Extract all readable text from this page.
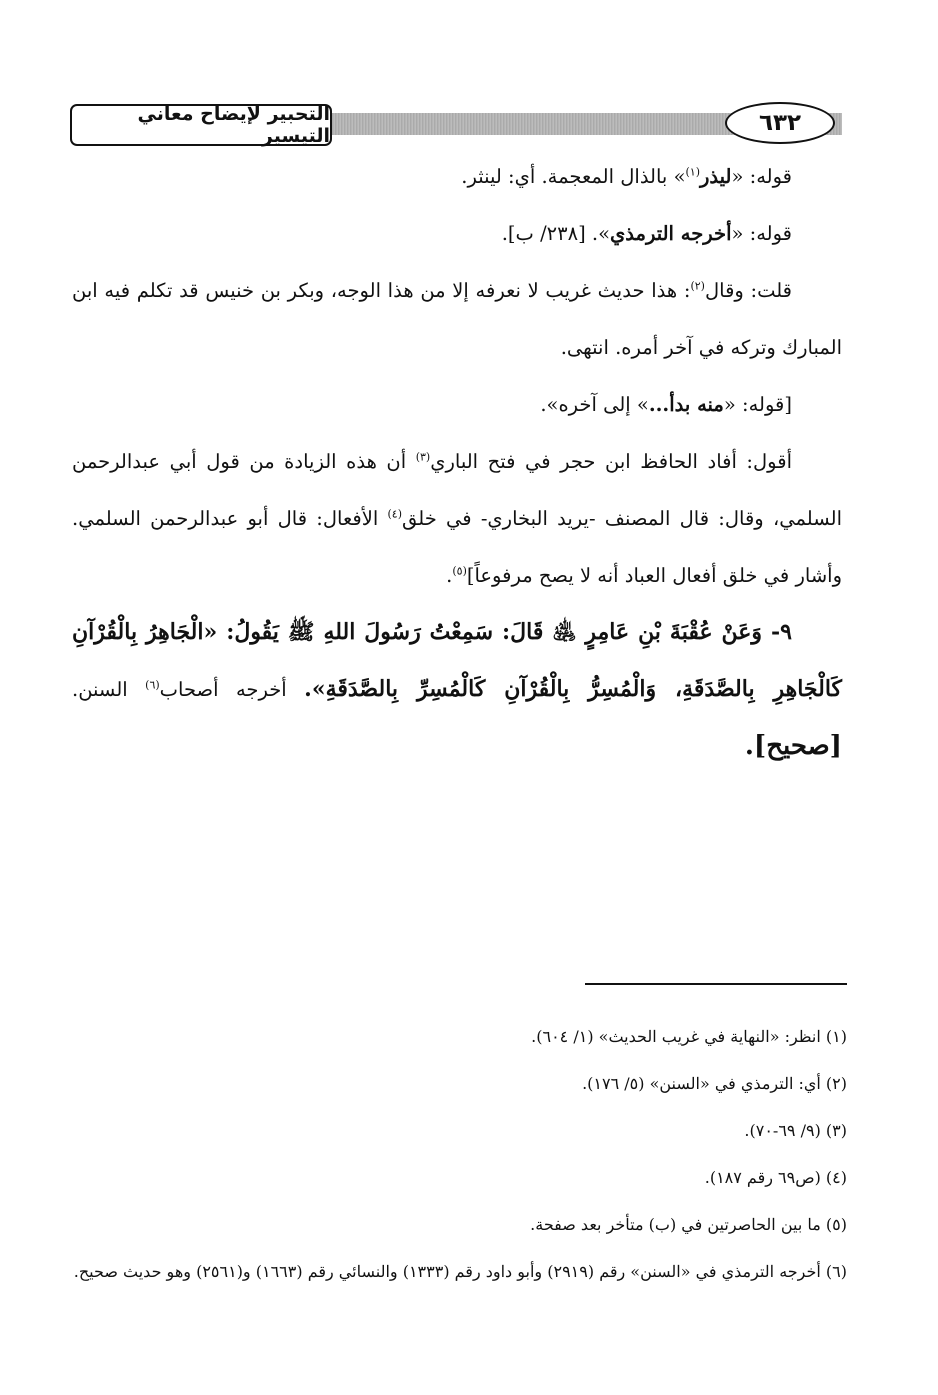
التحبير لإيضاح معاني التيسير	٦٣٢

قوله: «ليذر$^{(١)}$» بالذال المعجمة. أي: لينثر.

قوله: «أخرجه الترمذي». [٢٣٨/ ب].

قلت: وقال$^{(٢)}$: هذا حديث غريب لا نعرفه إلا من هذا الوجه، وبكر بن خنيس قد تكلم فيه ابن المبارك وتركه في آخر أمره. انتهى.

[قوله: «منه بدأ...» إلى آخره».

أقول: أفاد الحافظ ابن حجر في فتح الباري$^{(٣)}$ أن هذه الزيادة من قول أبي عبدالرحمن السلمي، وقال: قال المصنف -يريد البخاري- في خلق$^{(٤)}$ الأفعال: قال أبو عبدالرحمن السلمي. وأشار في خلق أفعال العباد أنه لا يصح مرفوعاً]$^{(٥)}$.

٩- وَعَنْ عُقْبَةَ بْنِ عَامِرٍ ﵁ قَالَ: سَمِعْتُ رَسُولَ اللهِ ﷺ يَقُولُ: «الْجَاهِرُ بِالْقُرْآنِ كَالْجَاهِرِ بِالصَّدَقَةِ، وَالْمُسِرُّ بِالْقُرْآنِ كَالْمُسِرِّ بِالصَّدَقَةِ». أخرجه أصحاب$^{(٦)}$ السنن. [صحيح].

(١) انظر: «النهاية في غريب الحديث» (١/ ٦٠٤).

(٢) أي: الترمذي في «السنن» (٥/ ١٧٦).

(٣) (٩/ ٦٩-٧٠).

(٤) (ص٦٩ رقم ١٨٧).

(٥) ما بين الحاصرتين في (ب) متأخر بعد صفحة.

(٦) أخرجه الترمذي في «السنن» رقم (٢٩١٩) وأبو داود رقم (١٣٣٣) والنسائي رقم (١٦٦٣) و(٢٥٦١) وهو حديث صحيح.
